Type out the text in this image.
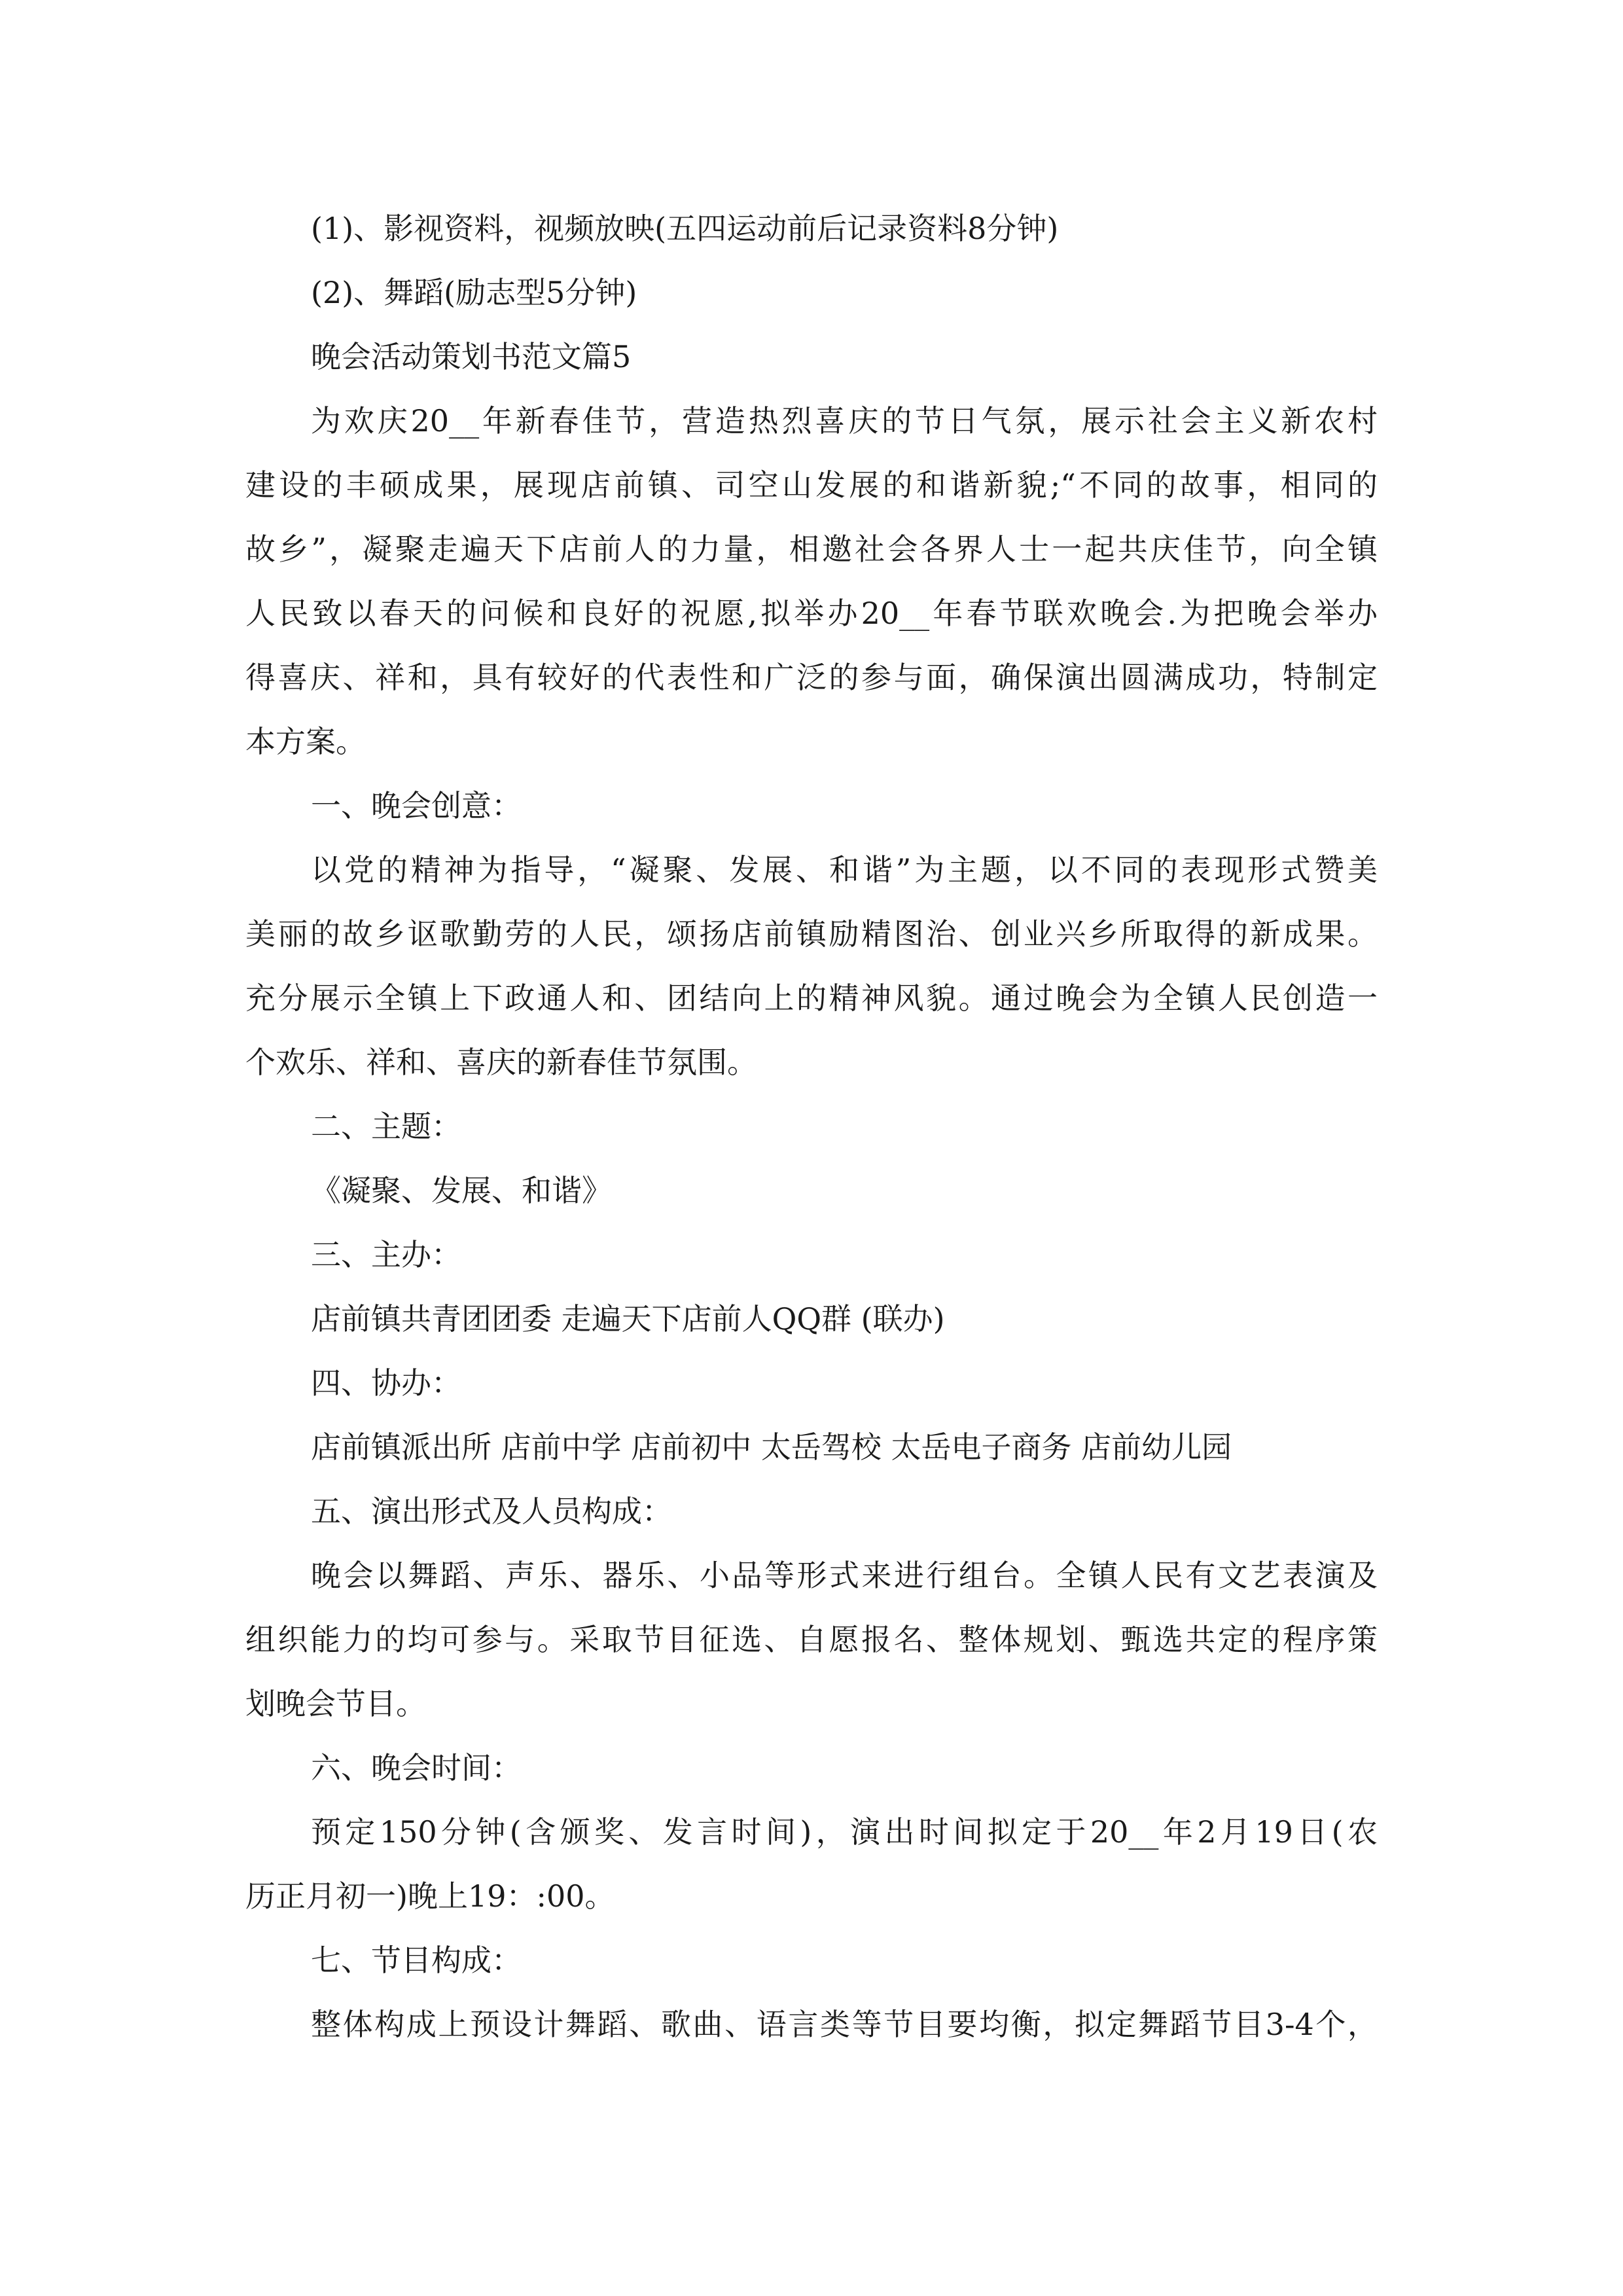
(1)、影视资料，视频放映(五四运动前后记录资料8分钟)
(2)、舞蹈(励志型5分钟)
晚会活动策划书范文篇5
为欢庆20__年新春佳节，营造热烈喜庆的节日气氛，展示社会主义新农村
建设的丰硕成果，展现店前镇、司空山发展的和谐新貌;“不同的故事，相同的
故乡”，凝聚走遍天下店前人的力量，相邀社会各界人士一起共庆佳节，向全镇
人民致以春天的问候和良好的祝愿,拟举办20__年春节联欢晚会.为把晚会举办
得喜庆、祥和，具有较好的代表性和广泛的参与面，确保演出圆满成功，特制定
本方案。
一、晚会创意：
以党的精神为指导，“凝聚、发展、和谐”为主题，以不同的表现形式赞美
美丽的故乡讴歌勤劳的人民，颂扬店前镇励精图治、创业兴乡所取得的新成果。
充分展示全镇上下政通人和、团结向上的精神风貌。通过晚会为全镇人民创造一
个欢乐、祥和、喜庆的新春佳节氛围。
二、主题：
《凝聚、发展、和谐》
三、主办：
店前镇共青团团委 走遍天下店前人QQ群 (联办)
四、协办：
店前镇派出所 店前中学 店前初中 太岳驾校 太岳电子商务 店前幼儿园
五、演出形式及人员构成：
晚会以舞蹈、声乐、器乐、小品等形式来进行组台。全镇人民有文艺表演及
组织能力的均可参与。采取节目征选、自愿报名、整体规划、甄选共定的程序策
划晚会节目。
六、晚会时间：
预定150分钟(含颁奖、发言时间)，演出时间拟定于20__年2月19日(农
历正月初一)晚上19：:00。
七、节目构成：
整体构成上预设计舞蹈、歌曲、语言类等节目要均衡，拟定舞蹈节目3-4个，
